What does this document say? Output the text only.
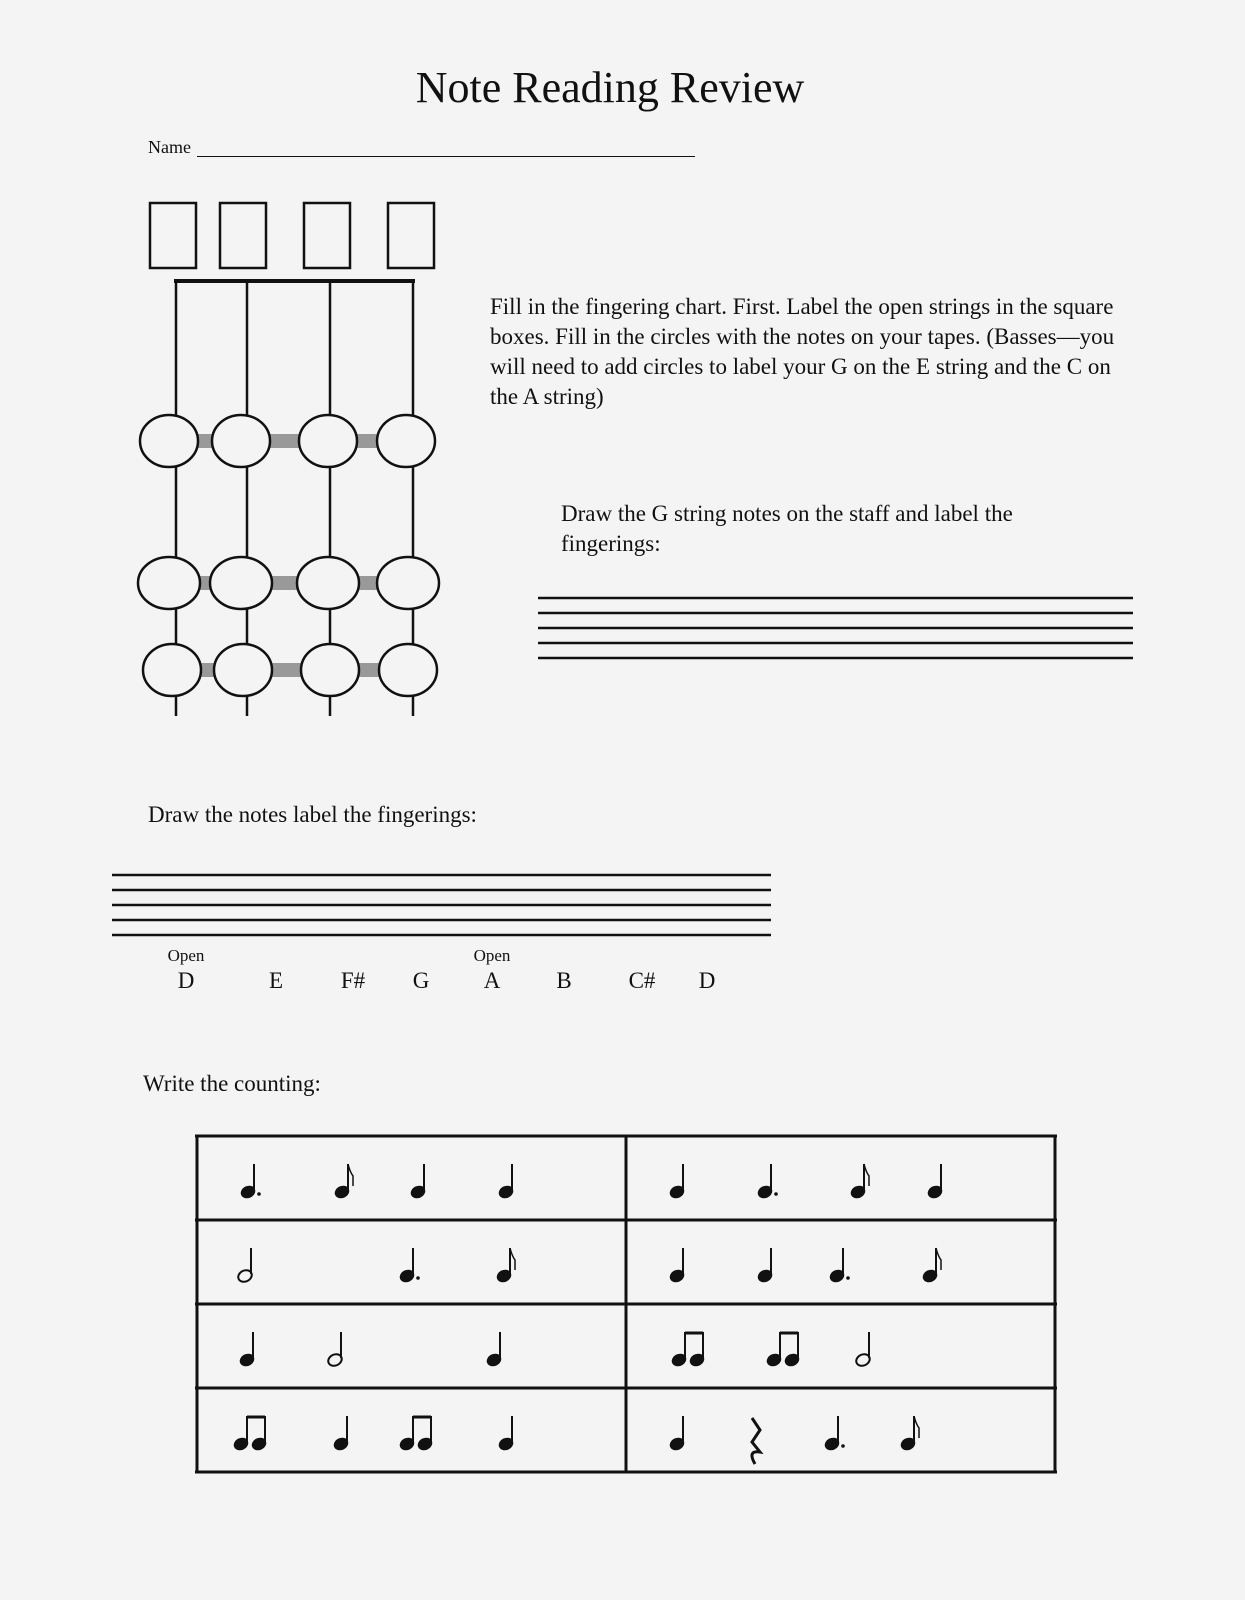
Note Reading Review
Name
Fill in the fingering chart. First. Label the open strings in the square boxes. Fill in the circles with the notes on your tapes. (Basses—you will need to add circles to label your G on the E string and the C on the A string)
Draw the G string notes on the staff and label the fingerings:
Draw the notes label the fingerings:
Write the counting:
D
Open
E	F#	G	A
Open
B	C#	D
